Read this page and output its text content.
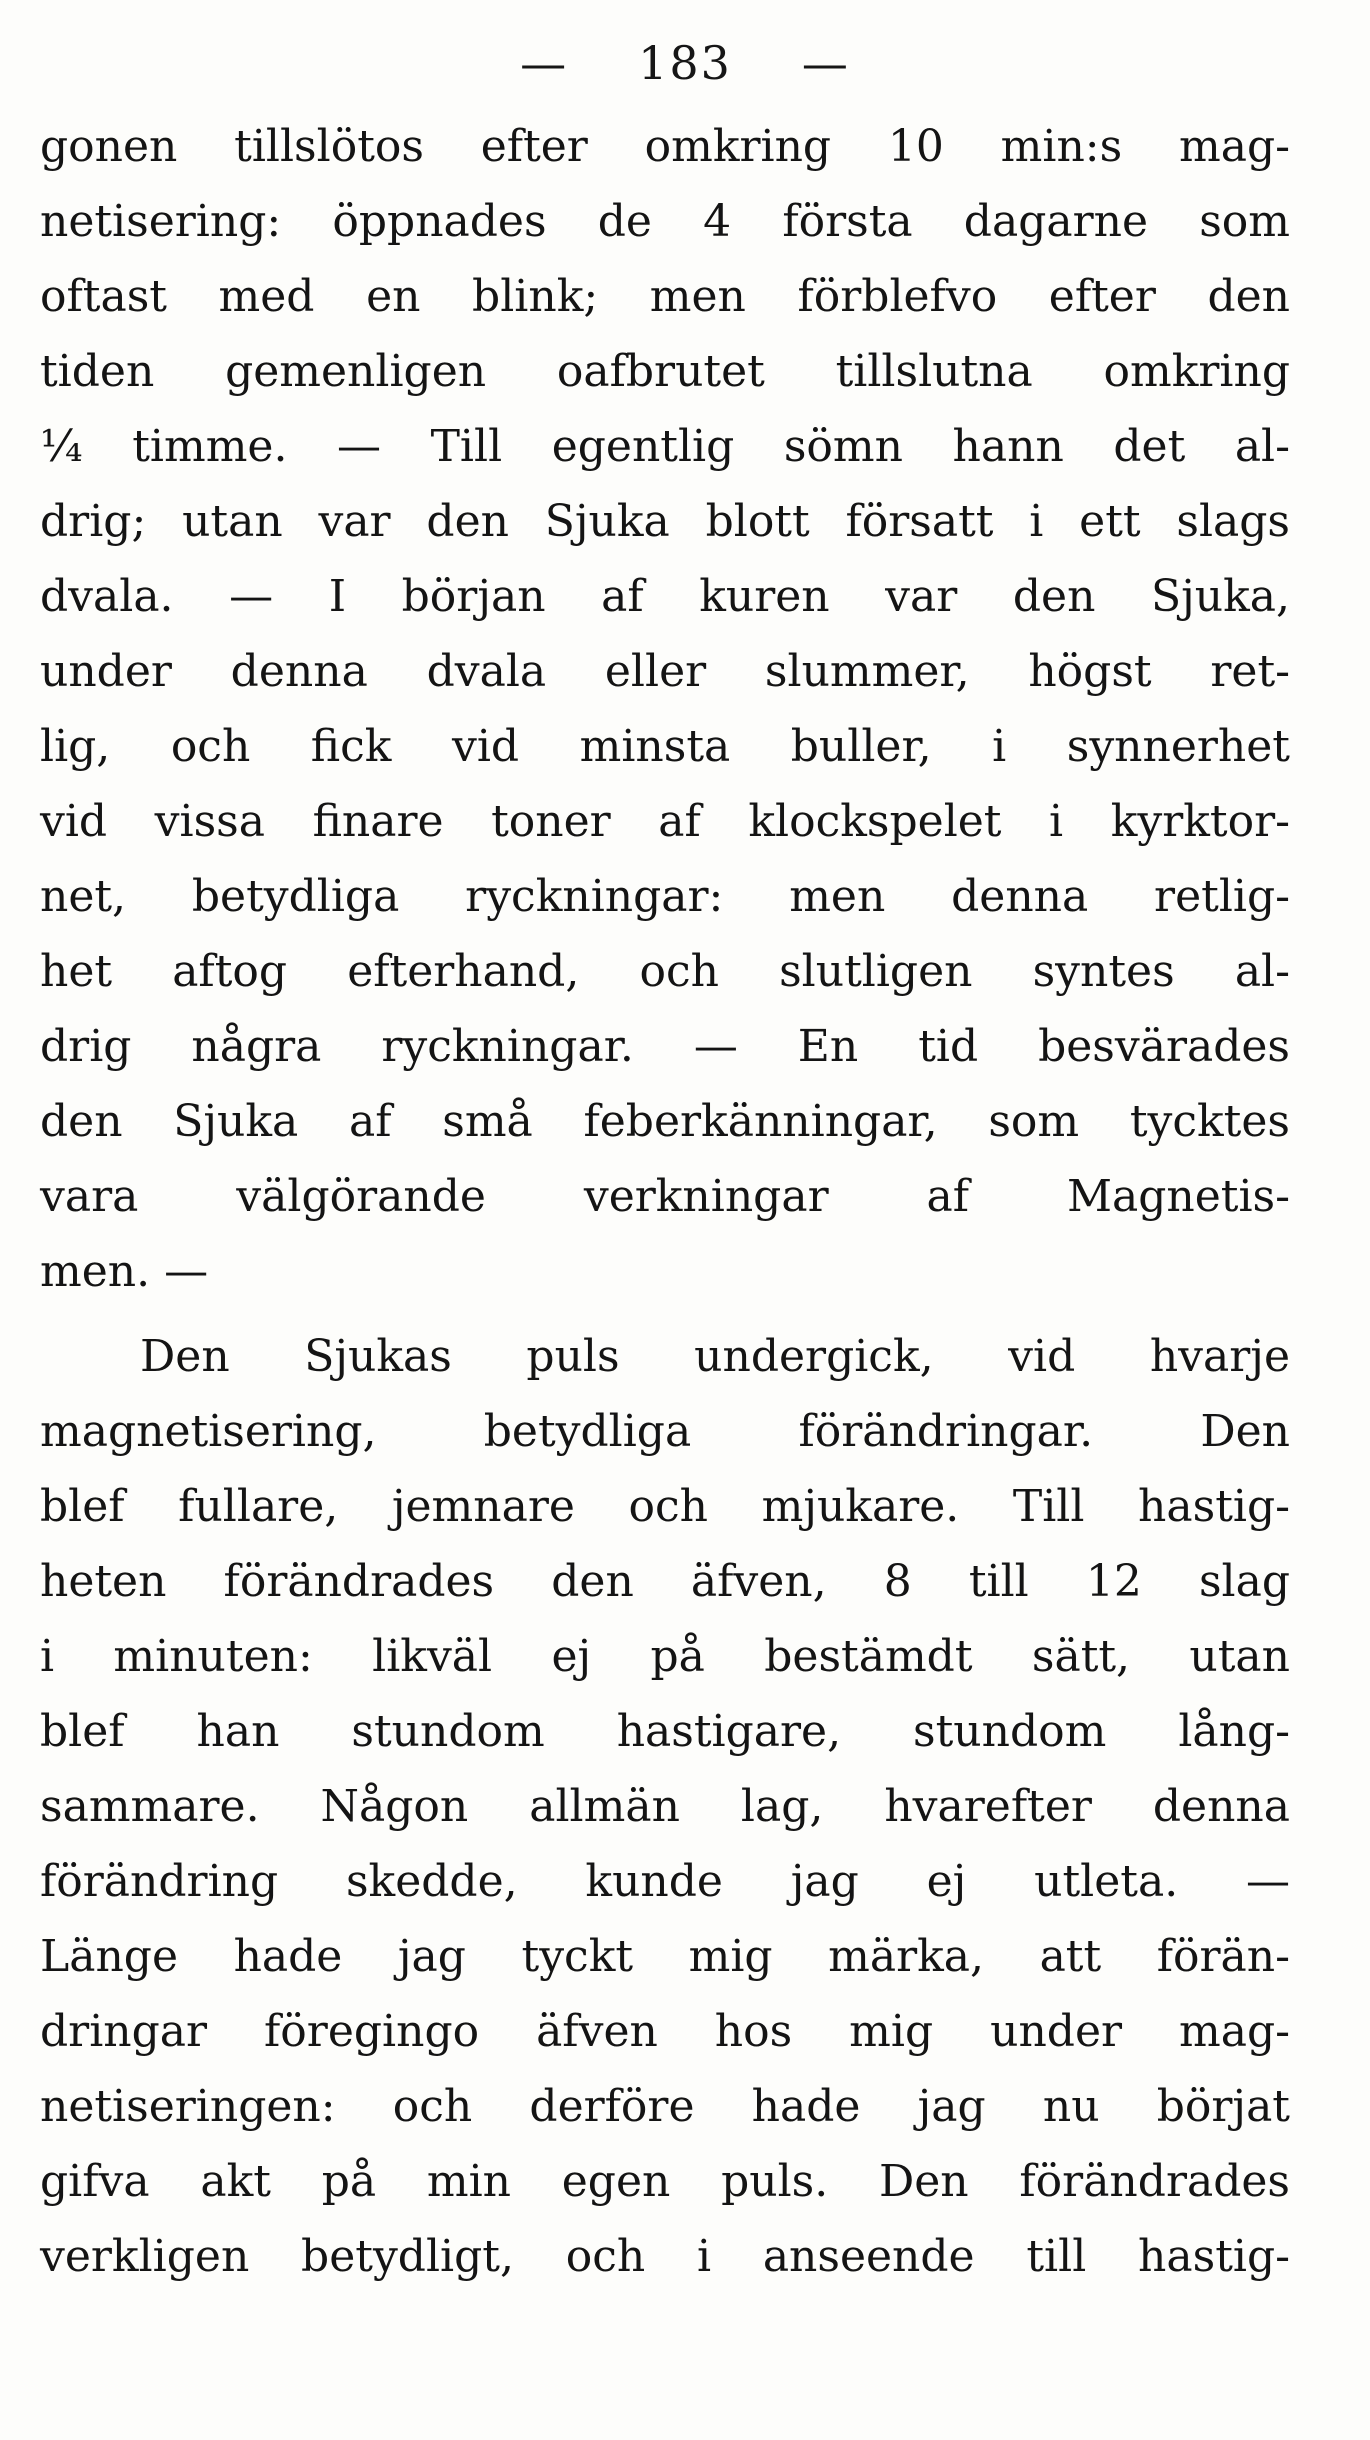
— 183 —
gonen tillslötos efter omkring 10 min:s mag-
netisering: öppnades de 4 första dagarne som
oftast med en blink; men förblefvo efter den
tiden gemenligen oafbrutet tillslutna omkring
¼ timme. — Till egentlig sömn hann det al-
drig; utan var den Sjuka blott försatt i ett slags
dvala. — I början af kuren var den Sjuka,
under denna dvala eller slummer, högst ret-
lig, och fick vid minsta buller, i synnerhet
vid vissa finare toner af klockspelet i kyrktor-
net, betydliga ryckningar: men denna retlig-
het aftog efterhand, och slutligen syntes al-
drig några ryckningar. — En tid besvärades
den Sjuka af små feberkänningar, som tycktes
vara välgörande verkningar af Magnetis-
men. —
Den Sjukas puls undergick, vid hvarje
magnetisering, betydliga förändringar. Den
blef fullare, jemnare och mjukare. Till hastig-
heten förändrades den äfven, 8 till 12 slag
i minuten: likväl ej på bestämdt sätt, utan
blef han stundom hastigare, stundom lång-
sammare. Någon allmän lag, hvarefter denna
förändring skedde, kunde jag ej utleta. —
Länge hade jag tyckt mig märka, att förän-
dringar föregingo äfven hos mig under mag-
netiseringen: och derföre hade jag nu börjat
gifva akt på min egen puls. Den förändrades
verkligen betydligt, och i anseende till hastig-
